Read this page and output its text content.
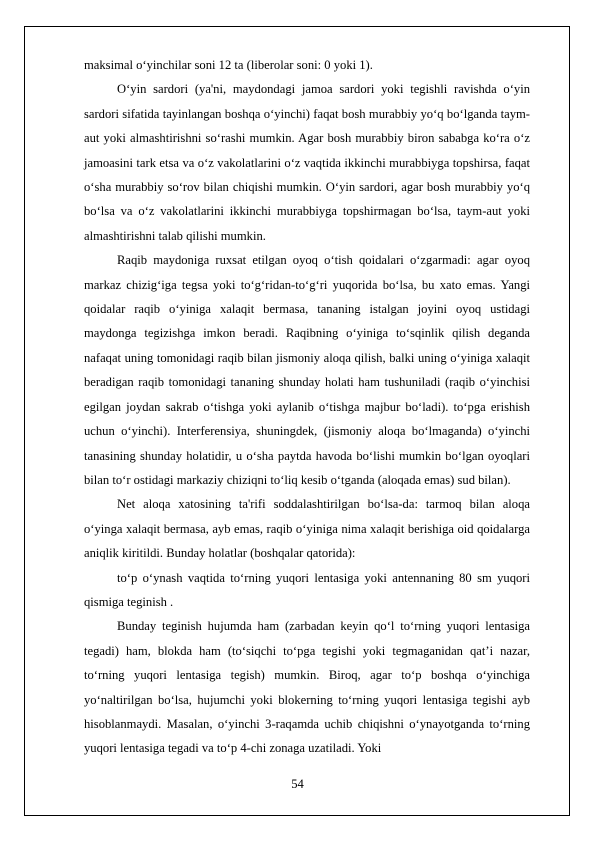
maksimal o‘yinchilar soni 12 ta (liberolar soni: 0 yoki 1).

O‘yin sardori (ya'ni, maydondagi jamoa sardori yoki tegishli ravishda o‘yin sardori sifatida tayinlangan boshqa o‘yinchi) faqat bosh murabbiy yo‘q bo‘lganda taym-aut yoki almashtirishni so‘rashi mumkin. Agar bosh murabbiy biron sababga ko‘ra o‘z jamoasini tark etsa va o‘z vakolatlarini o‘z vaqtida ikkinchi murabbiyga topshirsa, faqat o‘sha murabbiy so‘rov bilan chiqishi mumkin. O‘yin sardori, agar bosh murabbiy yo‘q bo‘lsa va o‘z vakolatlarini ikkinchi murabbiyga topshirmagan bo‘lsa, taym-aut yoki almashtirishni talab qilishi mumkin.

Raqib maydoniga ruxsat etilgan oyoq o‘tish qoidalari o‘zgarmadi: agar oyoq markaz chizig‘iga tegsa yoki to‘g‘ridan-to‘g‘ri yuqorida bo‘lsa, bu xato emas. Yangi qoidalar raqib o‘yiniga xalaqit bermasa, tananing istalgan joyini oyoq ustidagi maydonga tegizishga imkon beradi. Raqibning o‘yiniga to‘sqinlik qilish deganda nafaqat uning tomonidagi raqib bilan jismoniy aloqa qilish, balki uning o‘yiniga xalaqit beradigan raqib tomonidagi tananing shunday holati ham tushuniladi (raqib o‘yinchisi egilgan joydan sakrab o‘tishga yoki aylanib o‘tishga majbur bo‘ladi). to‘pga erishish uchun o‘yinchi). Interferensiya, shuningdek, (jismoniy aloqa bo‘lmaganda) o‘yinchi tanasining shunday holatidir, u o‘sha paytda havoda bo‘lishi mumkin bo‘lgan oyoqlari bilan to‘r ostidagi markaziy chiziqni to‘liq kesib o‘tganda (aloqada emas) sud bilan).

Net aloqa xatosining ta'rifi soddalashtirilgan bo‘lsa-da: tarmoq bilan aloqa o‘yinga xalaqit bermasa, ayb emas, raqib o‘yiniga nima xalaqit berishiga oid qoidalarga aniqlik kiritildi. Bunday holatlar (boshqalar qatorida):

to‘p o‘ynash vaqtida to‘rning yuqori lentasiga yoki antennaning 80 sm yuqori qismiga teginish .

Bunday teginish hujumda ham (zarbadan keyin qo‘l to‘rning yuqori lentasiga tegadi) ham, blokda ham (to‘siqchi to‘pga tegishi yoki tegmaganidan qat’i nazar, to‘rning yuqori lentasiga tegish) mumkin. Biroq, agar to‘p boshqa o‘yinchiga yo‘naltirilgan bo‘lsa, hujumchi yoki blokerning to‘rning yuqori lentasiga tegishi ayb hisoblanmaydi. Masalan, o‘yinchi 3-raqamda uchib chiqishni o‘ynayotganda to‘rning yuqori lentasiga tegadi va to‘p 4-chi zonaga uzatiladi. Yoki

54
